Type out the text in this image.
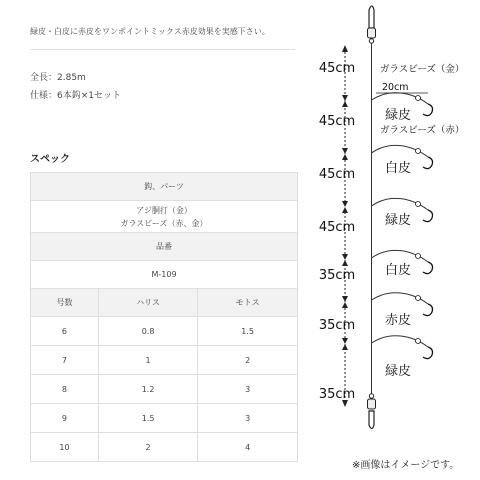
緑皮・白皮に赤皮をワンポイントミックス赤皮効果を実感下さい。
全長：2.85m
仕様：6本鈎×1セット
スペック
鈎、パーツ		

アジ胴打（金）
ガラスビーズ（赤、金）		

品番		
M-109		
号数	ハリス	モトス
6	0.8	1.5
7	1	2
8	1.2	3
9	1.5	3
10	2	4
45cm
45cm
45cm
45cm
35cm
35cm
35cm
ガラスビーズ（金）
20cm
ガラスビーズ（赤）
緑皮
白皮
緑皮
白皮
赤皮
緑皮
※画像はイメージです。
